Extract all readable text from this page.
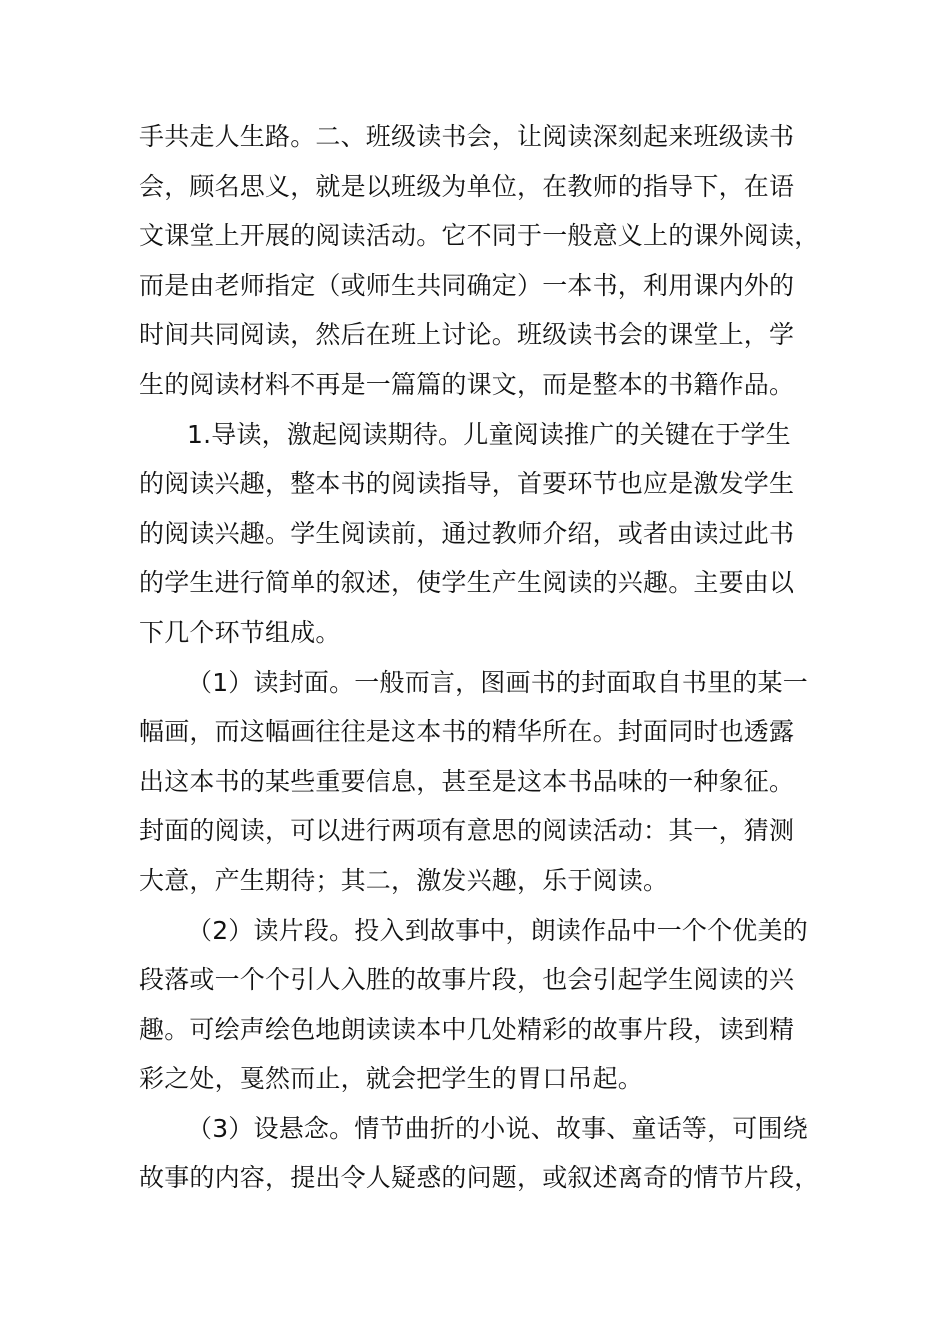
手共走人生路。二、班级读书会，让阅读深刻起来班级读书
会，顾名思义，就是以班级为单位，在教师的指导下，在语
文课堂上开展的阅读活动。它不同于一般意义上的课外阅读，
而是由老师指定（或师生共同确定）一本书，利用课内外的
时间共同阅读，然后在班上讨论。班级读书会的课堂上，学
生的阅读材料不再是一篇篇的课文，而是整本的书籍作品。
1.导读，激起阅读期待。儿童阅读推广的关键在于学生
的阅读兴趣，整本书的阅读指导，首要环节也应是激发学生
的阅读兴趣。学生阅读前，通过教师介绍，或者由读过此书
的学生进行简单的叙述，使学生产生阅读的兴趣。主要由以
下几个环节组成。
（1）读封面。一般而言，图画书的封面取自书里的某一
幅画，而这幅画往往是这本书的精华所在。封面同时也透露
出这本书的某些重要信息，甚至是这本书品味的一种象征。
封面的阅读，可以进行两项有意思的阅读活动：其一，猜测
大意，产生期待；其二，激发兴趣，乐于阅读。
（2）读片段。投入到故事中，朗读作品中一个个优美的
段落或一个个引人入胜的故事片段，也会引起学生阅读的兴
趣。可绘声绘色地朗读读本中几处精彩的故事片段，读到精
彩之处，戛然而止，就会把学生的胃口吊起。
（3）设悬念。情节曲折的小说、故事、童话等，可围绕
故事的内容，提出令人疑惑的问题，或叙述离奇的情节片段，
